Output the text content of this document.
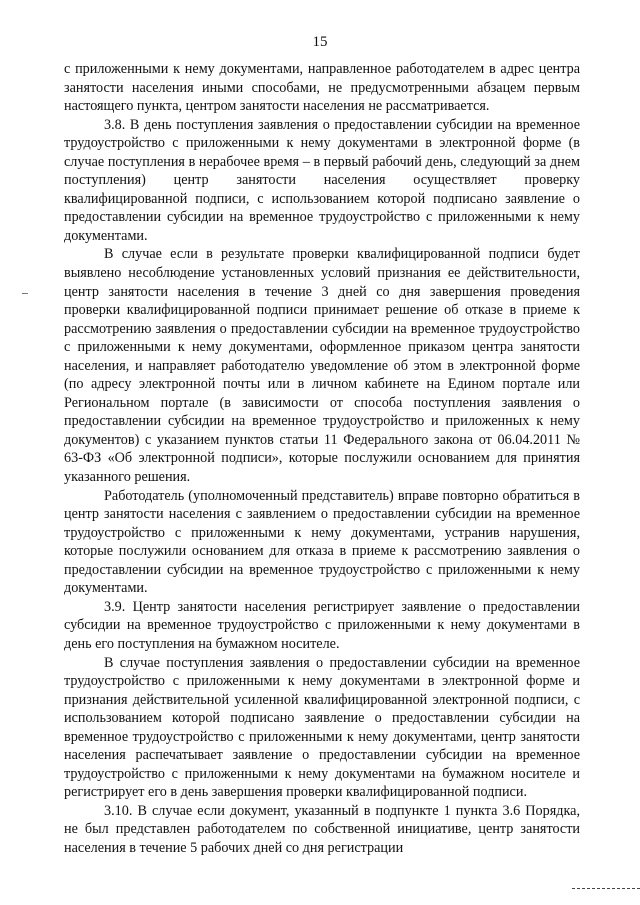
15

с приложенными к нему документами, направленное работодателем в адрес центра занятости населения иными способами, не предусмотренными абзацем первым настоящего пункта, центром занятости населения не рассматривается.

3.8. В день поступления заявления о предоставлении субсидии на временное трудоустройство с приложенными к нему документами в электронной форме (в случае поступления в нерабочее время – в первый рабочий день, следующий за днем поступления) центр занятости населения осуществляет проверку квалифицированной подписи, с использованием которой подписано заявление о предоставлении субсидии на временное трудоустройство с приложенными к нему документами.

В случае если в результате проверки квалифицированной подписи будет выявлено несоблюдение установленных условий признания ее действительности, центр занятости населения в течение 3 дней со дня завершения проведения проверки квалифицированной подписи принимает решение об отказе в приеме к рассмотрению заявления о предоставлении субсидии на временное трудоустройство с приложенными к нему документами, оформленное приказом центра занятости населения, и направляет работодателю уведомление об этом в электронной форме (по адресу электронной почты или в личном кабинете на Едином портале или Региональном портале (в зависимости от способа поступления заявления о предоставлении субсидии на временное трудоустройство и приложенных к нему документов) с указанием пунктов статьи 11 Федерального закона от 06.04.2011 № 63-ФЗ «Об электронной подписи», которые послужили основанием для принятия указанного решения.

Работодатель (уполномоченный представитель) вправе повторно обратиться в центр занятости населения с заявлением о предоставлении субсидии на временное трудоустройство с приложенными к нему документами, устранив нарушения, которые послужили основанием для отказа в приеме к рассмотрению заявления о предоставлении субсидии на временное трудоустройство с приложенными к нему документами.

3.9. Центр занятости населения регистрирует заявление о предоставлении субсидии на временное трудоустройство с приложенными к нему документами в день его поступления на бумажном носителе.

В случае поступления заявления о предоставлении субсидии на временное трудоустройство с приложенными к нему документами в электронной форме и признания действительной усиленной квалифицированной электронной подписи, с использованием которой подписано заявление о предоставлении субсидии на временное трудоустройство с приложенными к нему документами, центр занятости населения распечатывает заявление о предоставлении субсидии на временное трудоустройство с приложенными к нему документами на бумажном носителе и регистрирует его в день завершения проверки квалифицированной подписи.

3.10. В случае если документ, указанный в подпункте 1 пункта 3.6 Порядка, не был представлен работодателем по собственной инициативе, центр занятости населения в течение 5 рабочих дней со дня регистрации
